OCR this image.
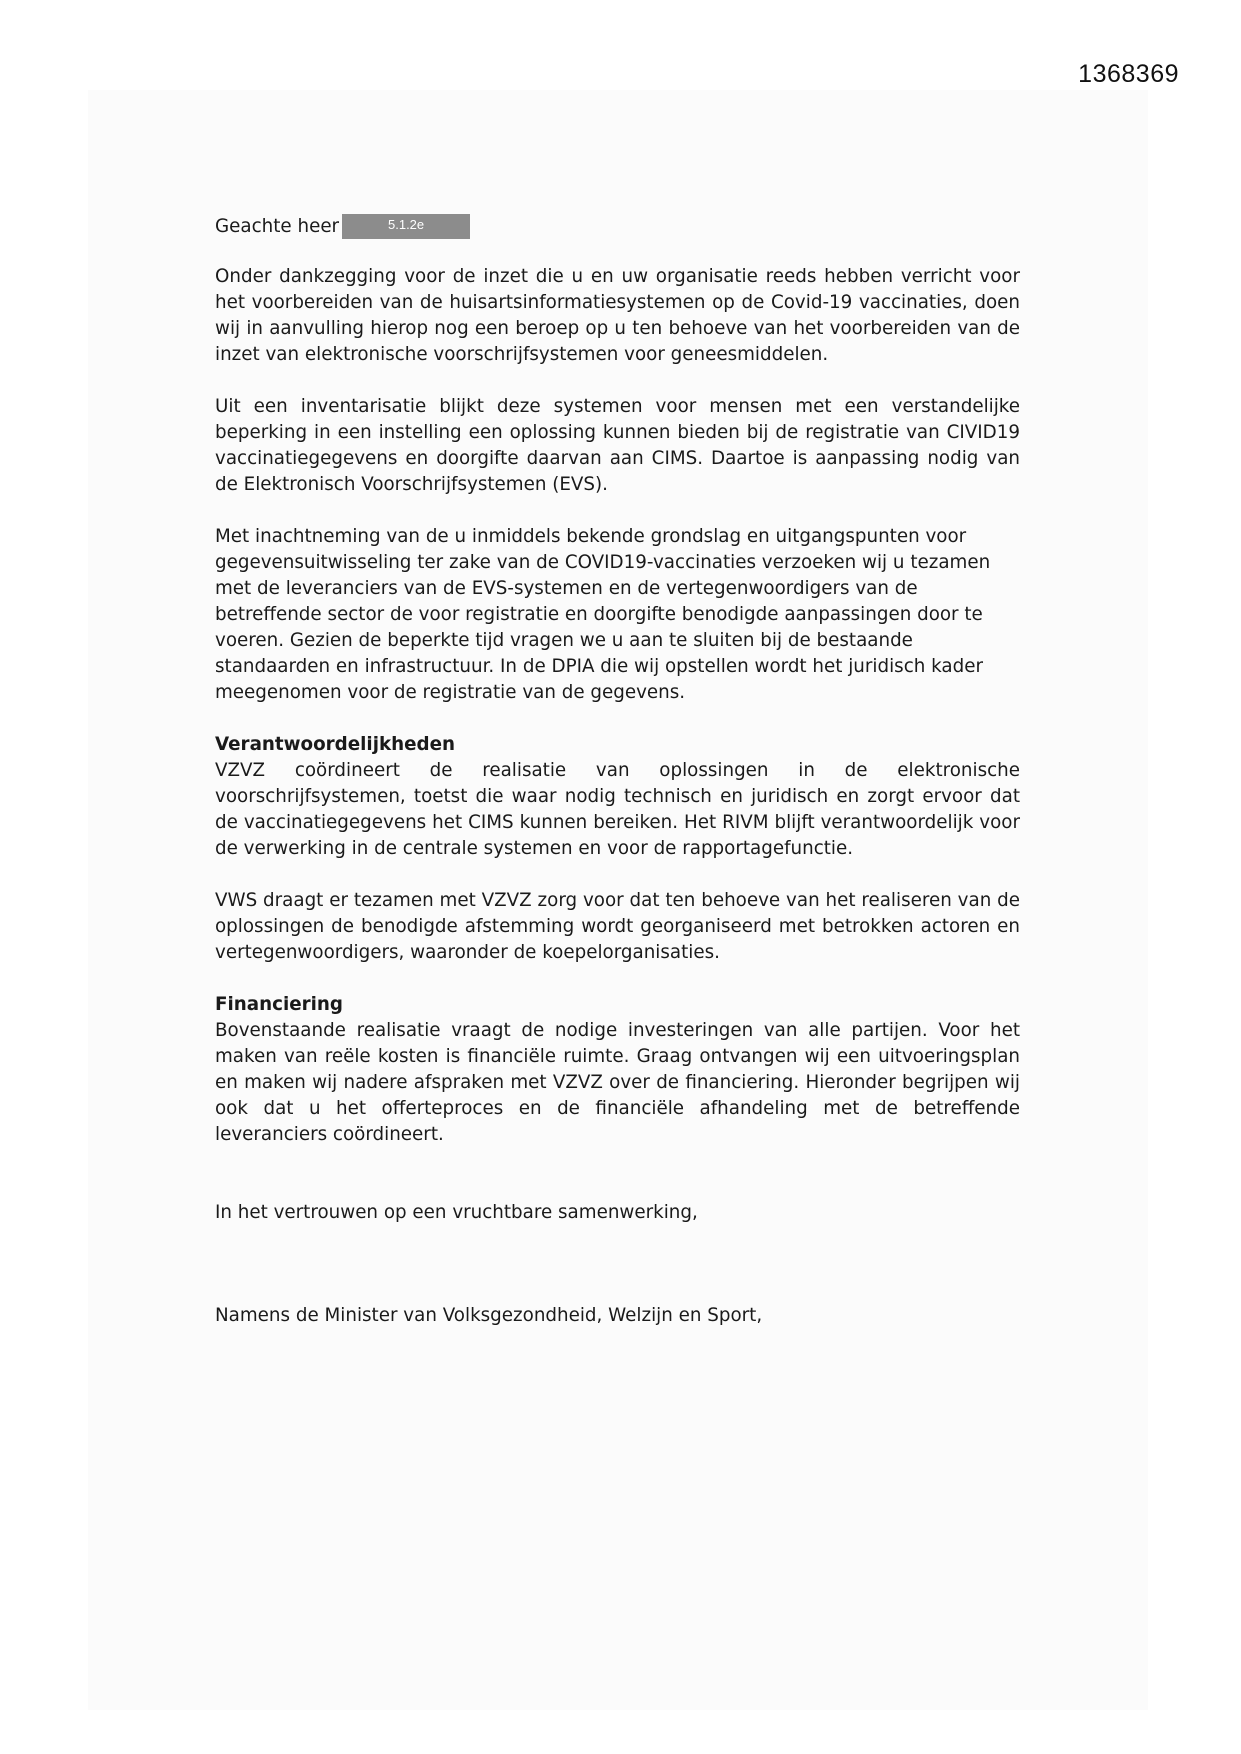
1368369
Geachte heer	5.1.2e

Onder dankzegging voor de inzet die u en uw organisatie reeds hebben verricht voor het voorbereiden van de huisartsinformatiesystemen op de Covid-19 vaccinaties, doen wij in aanvulling hierop nog een beroep op u ten behoeve van het voorbereiden van de inzet van elektronische voorschrijfsystemen voor geneesmiddelen.

Uit een inventarisatie blijkt deze systemen voor mensen met een verstandelijke beperking in een instelling een oplossing kunnen bieden bij de registratie van CIVID19 vaccinatiegegevens en doorgifte daarvan aan CIMS. Daartoe is aanpassing nodig van de Elektronisch Voorschrijfsystemen (EVS).

Met inachtneming van de u inmiddels bekende grondslag en uitgangspunten voor gegevensuitwisseling ter zake van de COVID19-vaccinaties verzoeken wij u tezamen met de leveranciers van de EVS-systemen en de vertegenwoordigers van de betreffende sector de voor registratie en doorgifte benodigde aanpassingen door te voeren. Gezien de beperkte tijd vragen we u aan te sluiten bij de bestaande standaarden en infrastructuur. In de DPIA die wij opstellen wordt het juridisch kader meegenomen voor de registratie van de gegevens.

Verantwoordelijkheden

VZVZ coördineert de realisatie van oplossingen in de elektronische voorschrijfsystemen, toetst die waar nodig technisch en juridisch en zorgt ervoor dat de vaccinatiegegevens het CIMS kunnen bereiken. Het RIVM blijft verantwoordelijk voor de verwerking in de centrale systemen en voor de rapportagefunctie.

VWS draagt er tezamen met VZVZ zorg voor dat ten behoeve van het realiseren van de oplossingen de benodigde afstemming wordt georganiseerd met betrokken actoren en vertegenwoordigers, waaronder de koepelorganisaties.

Financiering

Bovenstaande realisatie vraagt de nodige investeringen van alle partijen. Voor het maken van reële kosten is financiële ruimte. Graag ontvangen wij een uitvoeringsplan en maken wij nadere afspraken met VZVZ over de financiering. Hieronder begrijpen wij ook dat u het offerteproces en de financiële afhandeling met de betreffende leveranciers coördineert.

In het vertrouwen op een vruchtbare samenwerking,

Namens de Minister van Volksgezondheid, Welzijn en Sport,
